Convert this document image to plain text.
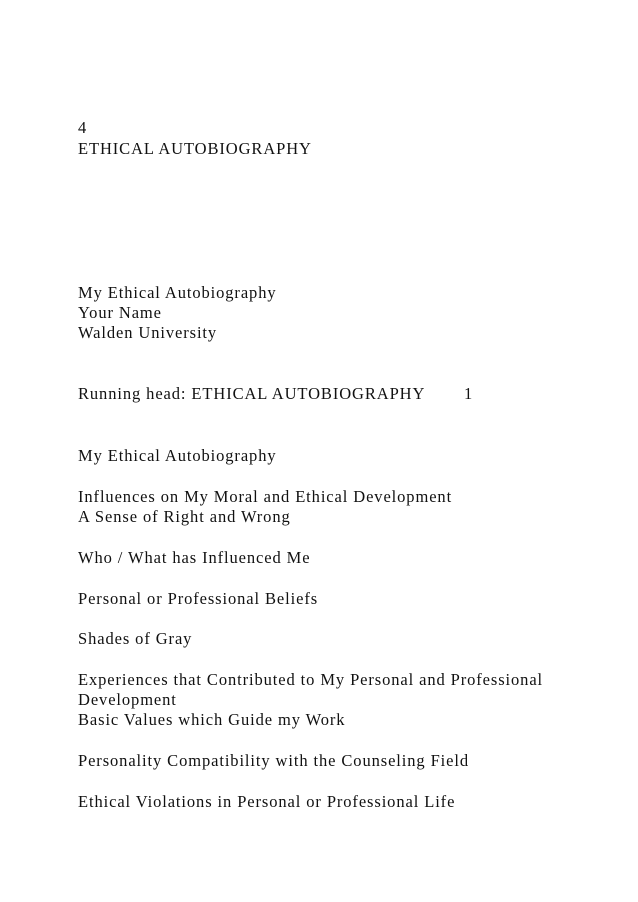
4
ETHICAL AUTOBIOGRAPHY
My Ethical Autobiography
Your Name
Walden University
Running head: ETHICAL AUTOBIOGRAPHY 1
My Ethical Autobiography
Influences on My Moral and Ethical Development
A Sense of Right and Wrong
Who / What has Influenced Me
Personal or Professional Beliefs
Shades of Gray
Experiences that Contributed to My Personal and Professional
Development
Basic Values which Guide my Work
Personality Compatibility with the Counseling Field
Ethical Violations in Personal or Professional Life
